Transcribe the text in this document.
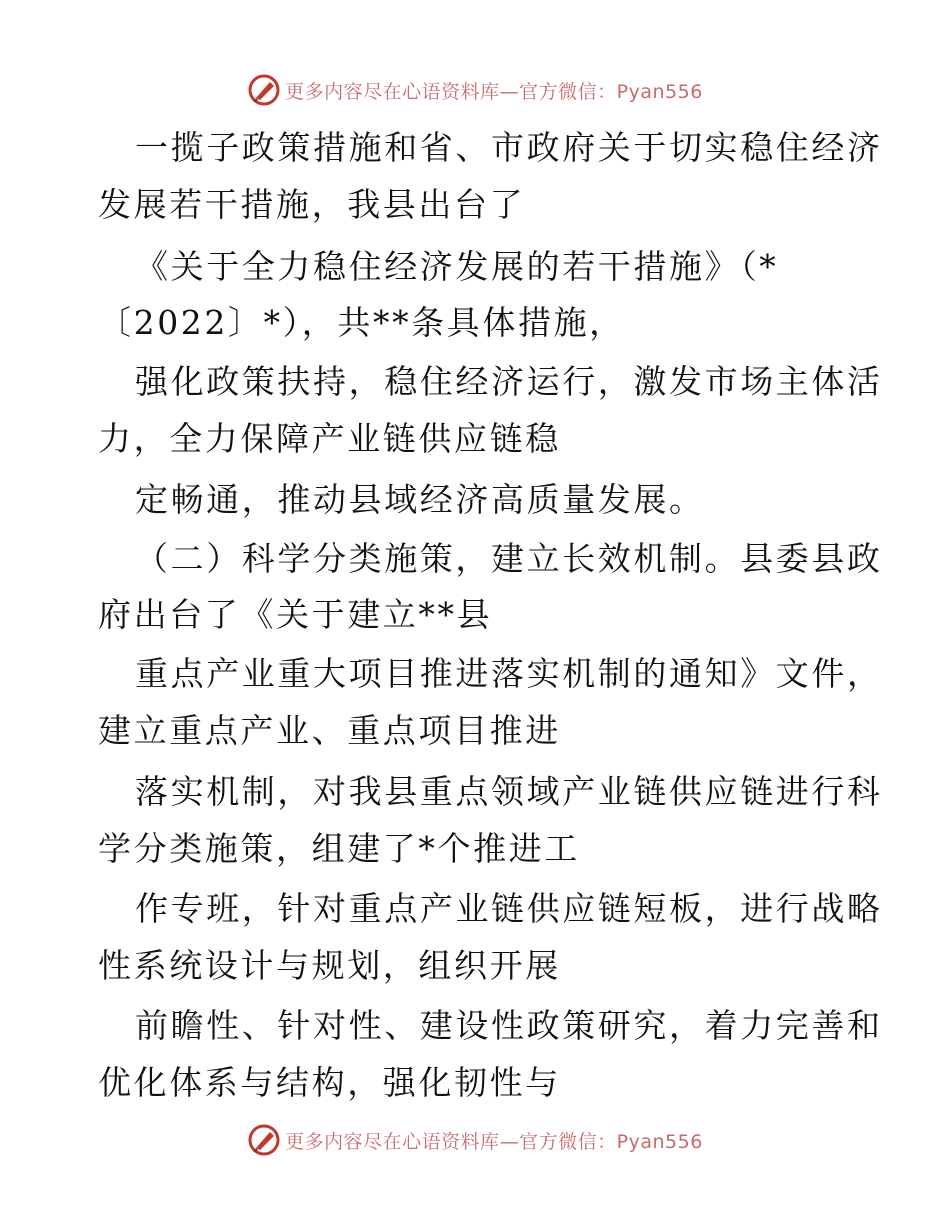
更多内容尽在心语资料库—官方微信：Pyan556
一揽子政策措施和省、市政府关于切实稳住经济
发展若干措施，我县出台了
《关于全力稳住经济发展的若干措施》（*
〔2022〕*），共**条具体措施，
强化政策扶持，稳住经济运行，激发市场主体活
力，全力保障产业链供应链稳
定畅通，推动县域经济高质量发展。
（二）科学分类施策，建立长效机制。县委县政
府出台了《关于建立**县
重点产业重大项目推进落实机制的通知》文件，
建立重点产业、重点项目推进
落实机制，对我县重点领域产业链供应链进行科
学分类施策，组建了*个推进工
作专班，针对重点产业链供应链短板，进行战略
性系统设计与规划，组织开展
前瞻性、针对性、建设性政策研究，着力完善和
优化体系与结构，强化韧性与
更多内容尽在心语资料库—官方微信：Pyan556
